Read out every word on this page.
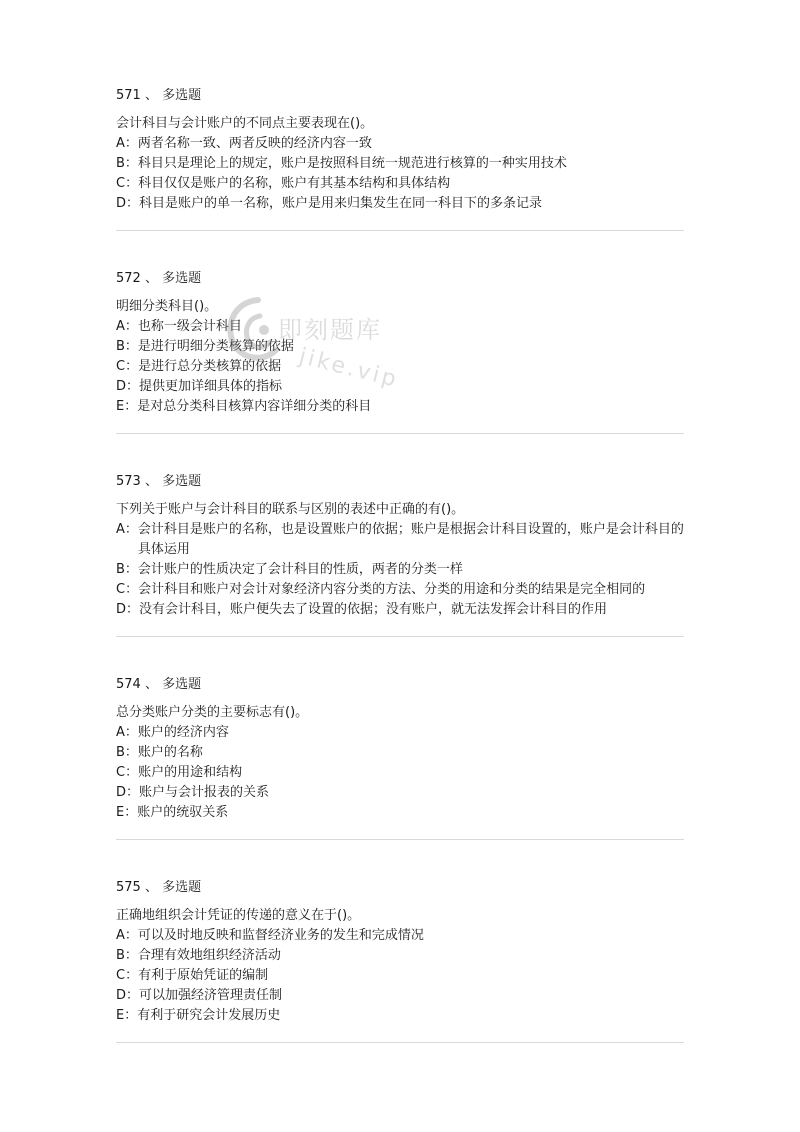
571 、 多选题
会计科目与会计账户的不同点主要表现在()。
A： 两者名称一致、两者反映的经济内容一致
B： 科目只是理论上的规定，账户是按照科目统一规范进行核算的一种实用技术
C： 科目仅仅是账户的名称，账户有其基本结构和具体结构
D： 科目是账户的单一名称，账户是用来归集发生在同一科目下的多条记录
572 、 多选题
明细分类科目()。
A： 也称一级会计科目
B： 是进行明细分类核算的依据
C： 是进行总分类核算的依据
D： 提供更加详细具体的指标
E： 是对总分类科目核算内容详细分类的科目
573 、 多选题
下列关于账户与会计科目的联系与区别的表述中正确的有()。
A： 会计科目是账户的名称，也是设置账户的依据；账户是根据会计科目设置的，账户是会计科目的具体运用
B： 会计账户的性质决定了会计科目的性质，两者的分类一样
C： 会计科目和账户对会计对象经济内容分类的方法、分类的用途和分类的结果是完全相同的
D： 没有会计科目，账户便失去了设置的依据；没有账户，就无法发挥会计科目的作用
574 、 多选题
总分类账户分类的主要标志有()。
A： 账户的经济内容
B： 账户的名称
C： 账户的用途和结构
D： 账户与会计报表的关系
E： 账户的统驭关系
575 、 多选题
正确地组织会计凭证的传递的意义在于()。
A： 可以及时地反映和监督经济业务的发生和完成情况
B： 合理有效地组织经济活动
C： 有利于原始凭证的编制
D： 可以加强经济管理责任制
E： 有利于研究会计发展历史
即刻题库
jike.vip
